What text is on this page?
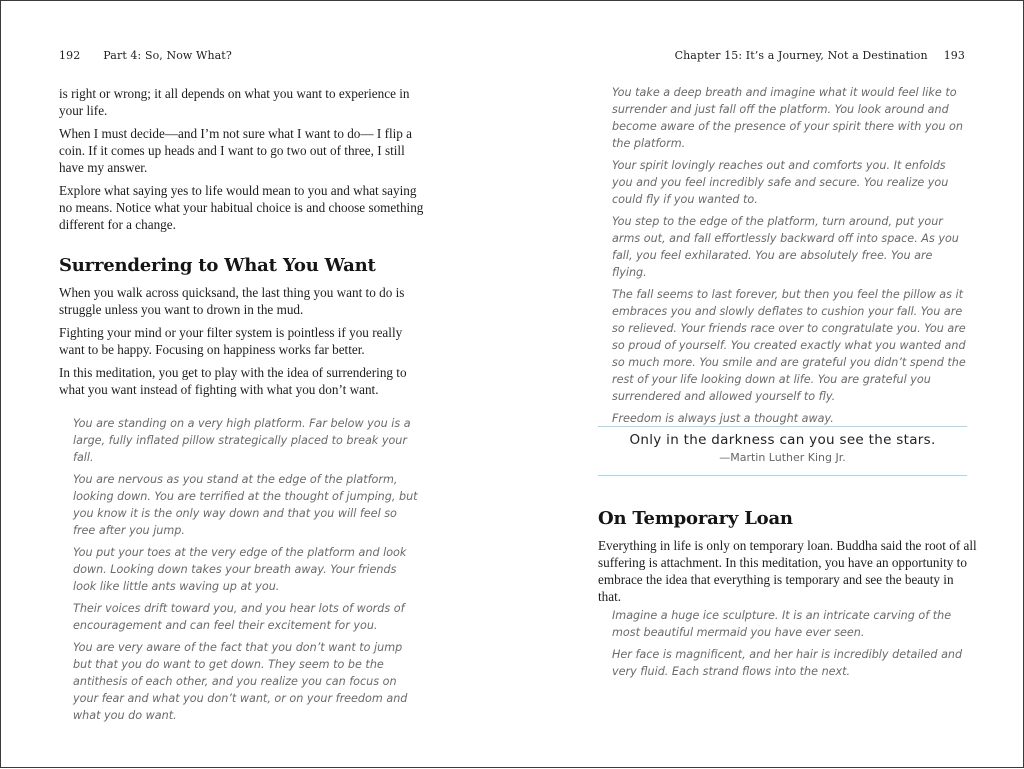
192 Part 4: So, Now What?

is right or wrong; it all depends on what you want to experience in your life.

When I must decide—and I’m not sure what I want to do— I flip a coin. If it comes up heads and I want to go two out of three, I still have my answer.

Explore what saying yes to life would mean to you and what saying no means. Notice what your habitual choice is and choose something different for a change.

Surrendering to What You Want

When you walk across quicksand, the last thing you want to do is struggle unless you want to drown in the mud.

Fighting your mind or your filter system is pointless if you really want to be happy. Focusing on happiness works far better.

In this meditation, you get to play with the idea of surrendering to what you want instead of fighting with what you don’t want.

You are standing on a very high platform. Far below you is a large, fully inflated pillow strategically placed to break your fall.

You are nervous as you stand at the edge of the platform, looking down. You are terrified at the thought of jumping, but you know it is the only way down and that you will feel so free after you jump.

You put your toes at the very edge of the platform and look down. Looking down takes your breath away. Your friends look like little ants waving up at you.

Their voices drift toward you, and you hear lots of words of encouragement and can feel their excitement for you.

You are very aware of the fact that you don’t want to jump but that you do want to get down. They seem to be the antithesis of each other, and you realize you can focus on your fear and what you don’t want, or on your freedom and what you do want.

Chapter 15: It’s a Journey, Not a Destination 193

You take a deep breath and imagine what it would feel like to surrender and just fall off the platform. You look around and become aware of the presence of your spirit there with you on the platform.

Your spirit lovingly reaches out and comforts you. It enfolds you and you feel incredibly safe and secure. You realize you could fly if you wanted to.

You step to the edge of the platform, turn around, put your arms out, and fall effortlessly backward off into space. As you fall, you feel exhilarated. You are absolutely free. You are flying.

The fall seems to last forever, but then you feel the pillow as it embraces you and slowly deflates to cushion your fall. You are so relieved. Your friends race over to congratulate you. You are so proud of yourself. You created exactly what you wanted and so much more. You smile and are grateful you didn’t spend the rest of your life looking down at life. You are grateful you surrendered and allowed yourself to fly.

Freedom is always just a thought away.

On Temporary Loan

Everything in life is only on temporary loan. Buddha said the root of all suffering is attachment. In this meditation, you have an opportunity to embrace the idea that everything is temporary and see the beauty in that.

Imagine a huge ice sculpture. It is an intricate carving of the most beautiful mermaid you have ever seen.

Her face is magnificent, and her hair is incredibly detailed and very fluid. Each strand flows into the next.

Only in the darkness can you see the stars.
—Martin Luther King Jr.
